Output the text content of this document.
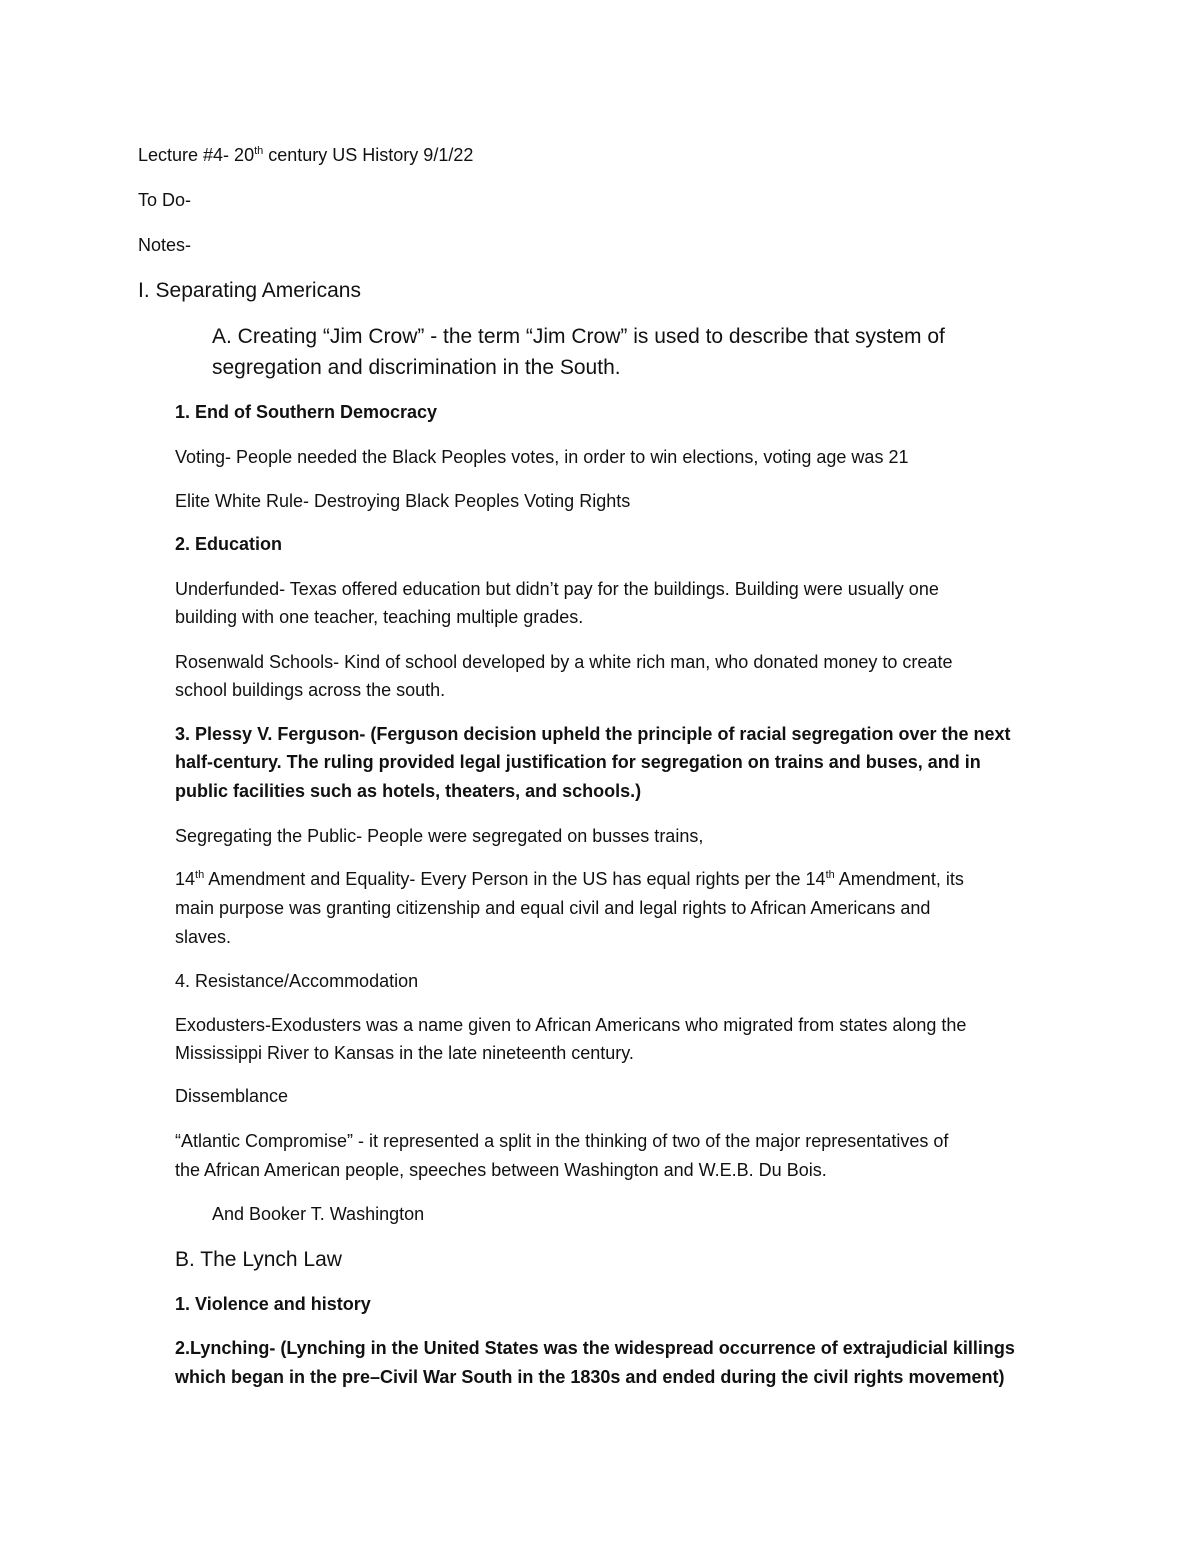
Lecture #4- 20th century US History 9/1/22
To Do-
Notes-
I. Separating Americans
A. Creating “Jim Crow” - the term “Jim Crow” is used to describe that system of
segregation and discrimination in the South.
1. End of Southern Democracy
Voting- People needed the Black Peoples votes, in order to win elections, voting age was 21
Elite White Rule- Destroying Black Peoples Voting Rights
2. Education
Underfunded- Texas offered education but didn’t pay for the buildings. Building were usually one
building with one teacher, teaching multiple grades.
Rosenwald Schools- Kind of school developed by a white rich man, who donated money to create
school buildings across the south.
3. Plessy V. Ferguson- (Ferguson decision upheld the principle of racial segregation over the next
half-century. The ruling provided legal justification for segregation on trains and buses, and in
public facilities such as hotels, theaters, and schools.)
Segregating the Public- People were segregated on busses trains,
14th Amendment and Equality- Every Person in the US has equal rights per the 14th Amendment, its
main purpose was granting citizenship and equal civil and legal rights to African Americans and
slaves.
4. Resistance/Accommodation
Exodusters-Exodusters was a name given to African Americans who migrated from states along the
Mississippi River to Kansas in the late nineteenth century.
Dissemblance
“Atlantic Compromise” - it represented a split in the thinking of two of the major representatives of
the African American people, speeches between Washington and W.E.B. Du Bois.
And Booker T. Washington
B. The Lynch Law
1. Violence and history
2.Lynching- (Lynching in the United States was the widespread occurrence of extrajudicial killings
which began in the pre–Civil War South in the 1830s and ended during the civil rights movement)
